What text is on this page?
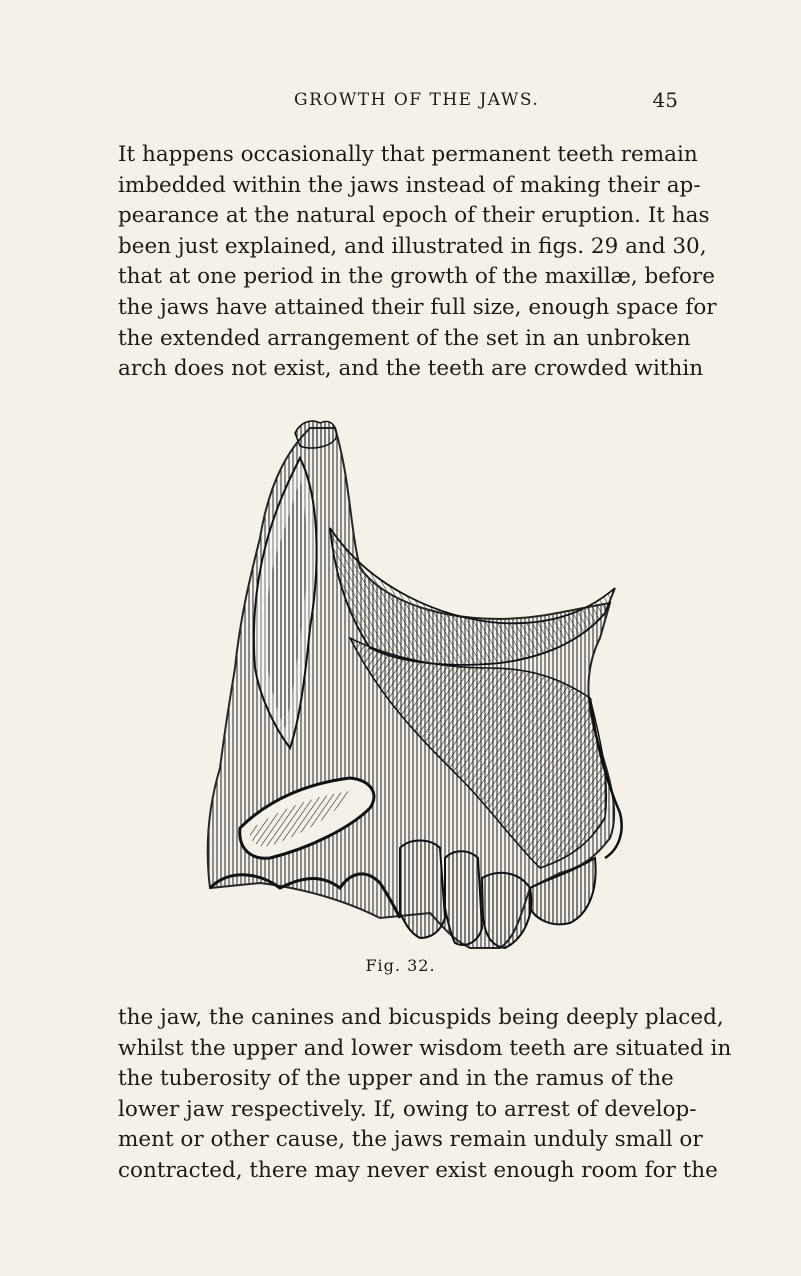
GROWTH OF THE JAWS.	45
It happens occasionally that permanent teeth remain
imbedded within the jaws instead of making their ap-
pearance at the natural epoch of their eruption. It has
been just explained, and illustrated in figs. 29 and 30,
that at one period in the growth of the maxillæ, before
the jaws have attained their full size, enough space for
the extended arrangement of the set in an unbroken
arch does not exist, and the teeth are crowded within
Fig. 32.
the jaw, the canines and bicuspids being deeply placed,
whilst the upper and lower wisdom teeth are situated in
the tuberosity of the upper and in the ramus of the
lower jaw respectively. If, owing to arrest of develop-
ment or other cause, the jaws remain unduly small or
contracted, there may never exist enough room for the
